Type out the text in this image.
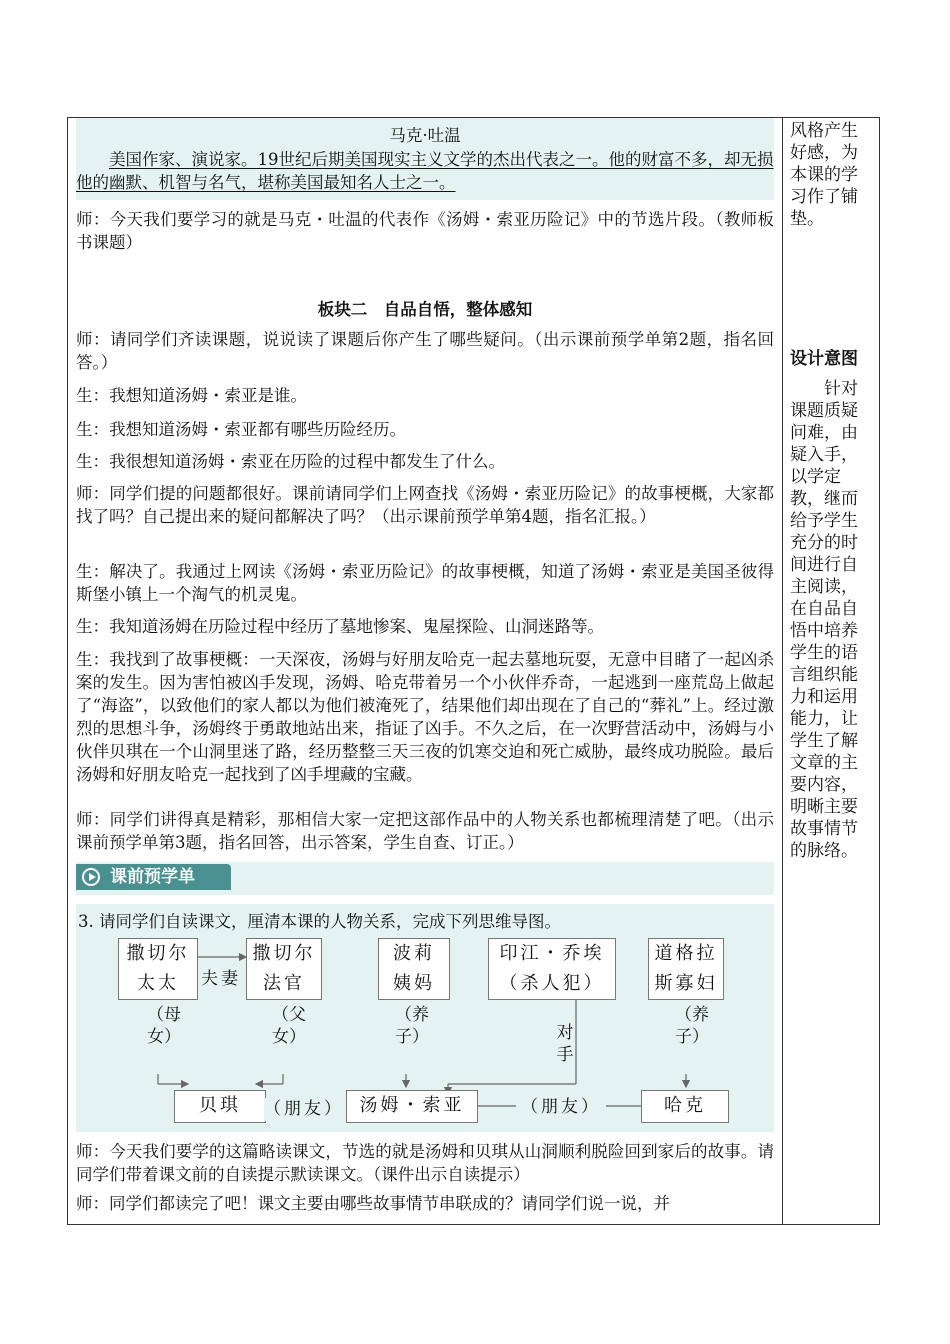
马克·吐温
美国作家、演说家。19世纪后期美国现实主义文学的杰出代表之一。他的财富不多，却无损他的幽默、机智与名气，堪称美国最知名人士之一。
师：今天我们要学习的就是马克・吐温的代表作《汤姆・索亚历险记》中的节选片段。（教师板书课题）
板块二　自品自悟，整体感知
师：请同学们齐读课题，说说读了课题后你产生了哪些疑问。（出示课前预学单第2题，指名回答。）
生：我想知道汤姆・索亚是谁。
生：我想知道汤姆・索亚都有哪些历险经历。
生：我很想知道汤姆・索亚在历险的过程中都发生了什么。
师：同学们提的问题都很好。课前请同学们上网查找《汤姆・索亚历险记》的故事梗概，大家都找了吗？自己提出来的疑问都解决了吗？（出示课前预学单第4题，指名汇报。）
生：解决了。我通过上网读《汤姆・索亚历险记》的故事梗概，知道了汤姆・索亚是美国圣彼得斯堡小镇上一个淘气的机灵鬼。
生：我知道汤姆在历险过程中经历了墓地惨案、鬼屋探险、山洞迷路等。
生：我找到了故事梗概：一天深夜，汤姆与好朋友哈克一起去墓地玩耍，无意中目睹了一起凶杀案的发生。因为害怕被凶手发现，汤姆、哈克带着另一个小伙伴乔奇，一起逃到一座荒岛上做起了“海盗”，以致他们的家人都以为他们被淹死了，结果他们却出现在了自己的“葬礼”上。经过激烈的思想斗争，汤姆终于勇敢地站出来，指证了凶手。不久之后，在一次野营活动中，汤姆与小伙伴贝琪在一个山洞里迷了路，经历整整三天三夜的饥寒交迫和死亡威胁，最终成功脱险。最后汤姆和好朋友哈克一起找到了凶手埋藏的宝藏。
师：同学们讲得真是精彩，那相信大家一定把这部作品中的人物关系也都梳理清楚了吧。（出示课前预学单第3题，指名回答，出示答案，学生自查、订正。）
课前预学单
3. 请同学们自读课文，厘清本课的人物关系，完成下列思维导图。
撒切尔
太太
撒切尔
法官
波莉
姨妈
印江・乔埃
（杀人犯）
道格拉
斯寡妇
夫妻
（母女）
（父女）
（养子）	对手
（养子）
贝琪	（朋友） 汤姆・索亚	（朋友）	哈克
师：今天我们要学的这篇略读课文，节选的就是汤姆和贝琪从山洞顺利脱险回到家后的故事。请同学们带着课文前的自读提示默读课文。（课件出示自读提示）
师：同学们都读完了吧！课文主要由哪些故事情节串联成的？请同学们说一说，并
风格产生好感，为本课的学习作了铺垫。
设计意图
针对课题质疑问难，由疑入手，以学定教，继而给予学生充分的时间进行自主阅读，在自品自悟中培养学生的语言组织能力和运用能力，让学生了解文章的主要内容，明晰主要故事情节的脉络。
